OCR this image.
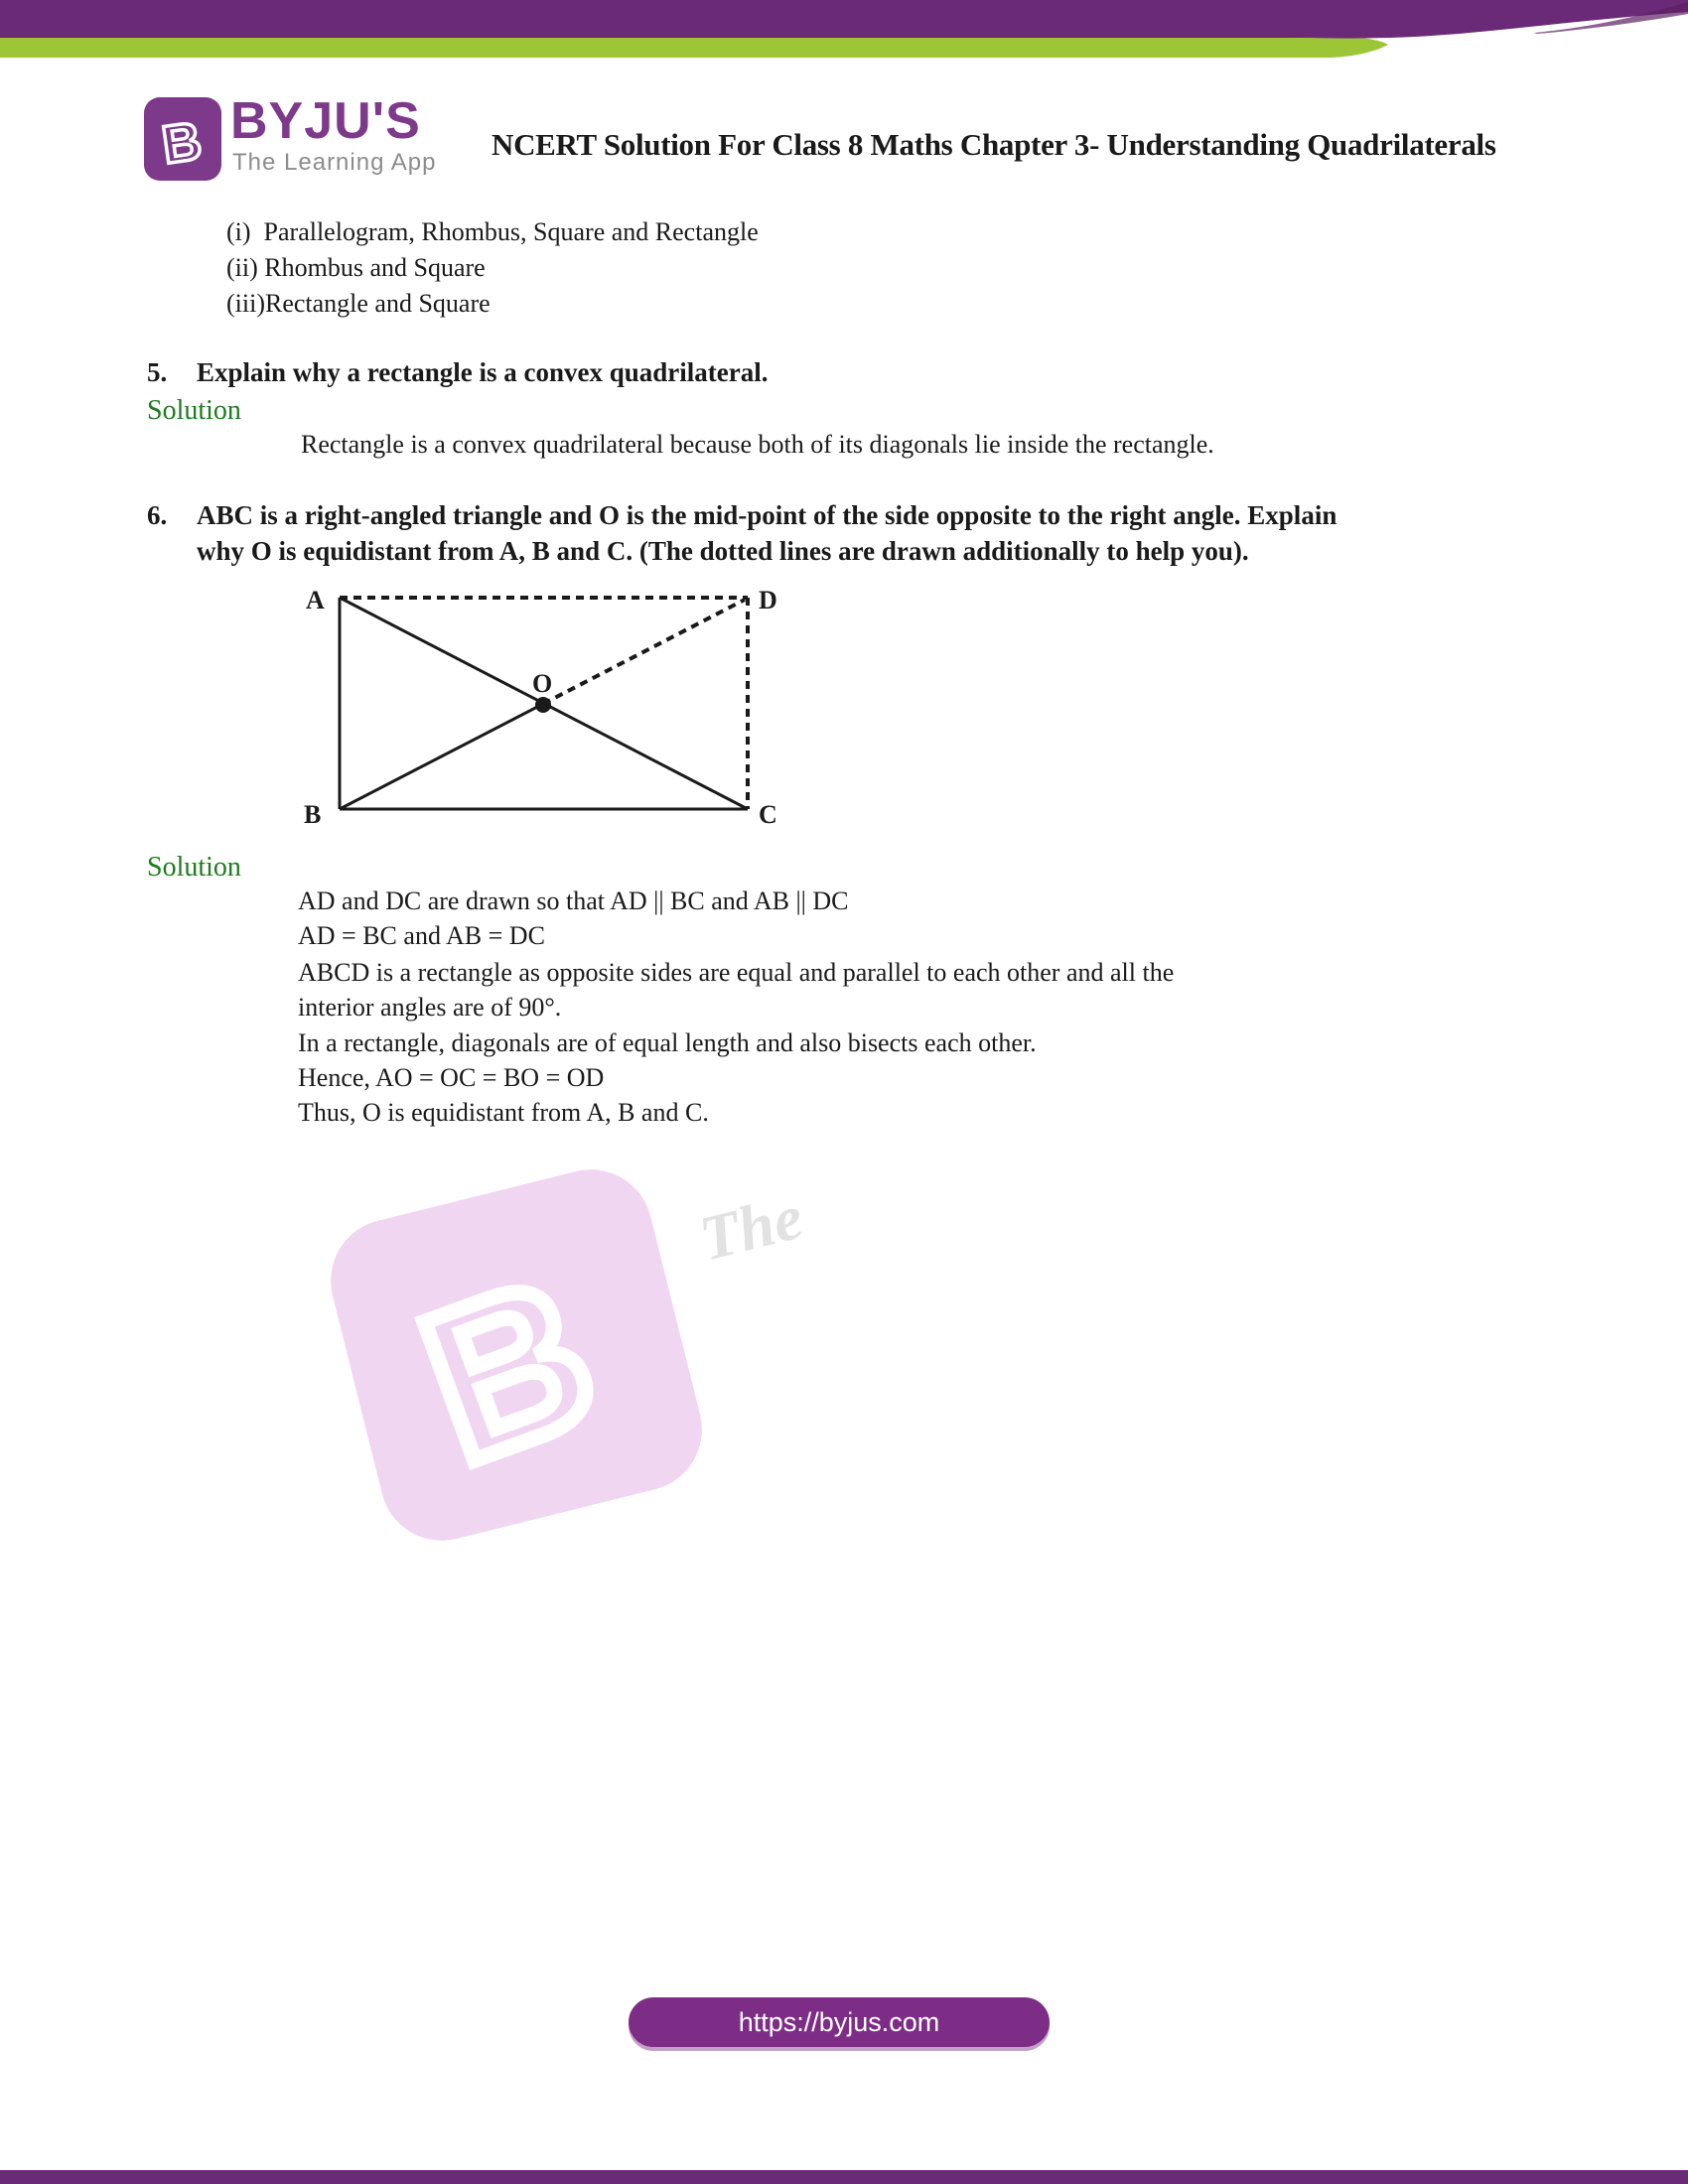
B BYJU'S
The Learning App
NCERT Solution For Class 8 Maths Chapter 3- Understanding Quadrilaterals
(i)  Parallelogram, Rhombus, Square and Rectangle
(ii) Rhombus and Square
(iii)Rectangle and Square
5. Explain why a rectangle is a convex quadrilateral.
Solution
Rectangle is a convex quadrilateral because both of its diagonals lie inside the rectangle.
6. ABC is a right-angled triangle and O is the mid-point of the side opposite to the right angle. Explain
why O is equidistant from A, B and C. (The dotted lines are drawn additionally to help you).
A	D
B	C
O
Solution
AD and DC are drawn so that AD || BC and AB || DC
AD = BC and AB = DC
ABCD is a rectangle as opposite sides are equal and parallel to each other and all the
interior angles are of 90°.
In a rectangle, diagonals are of equal length and also bisects each other.
Hence, AO = OC = BO = OD
Thus, O is equidistant from A, B and C.
B
The
https://byjus.com
